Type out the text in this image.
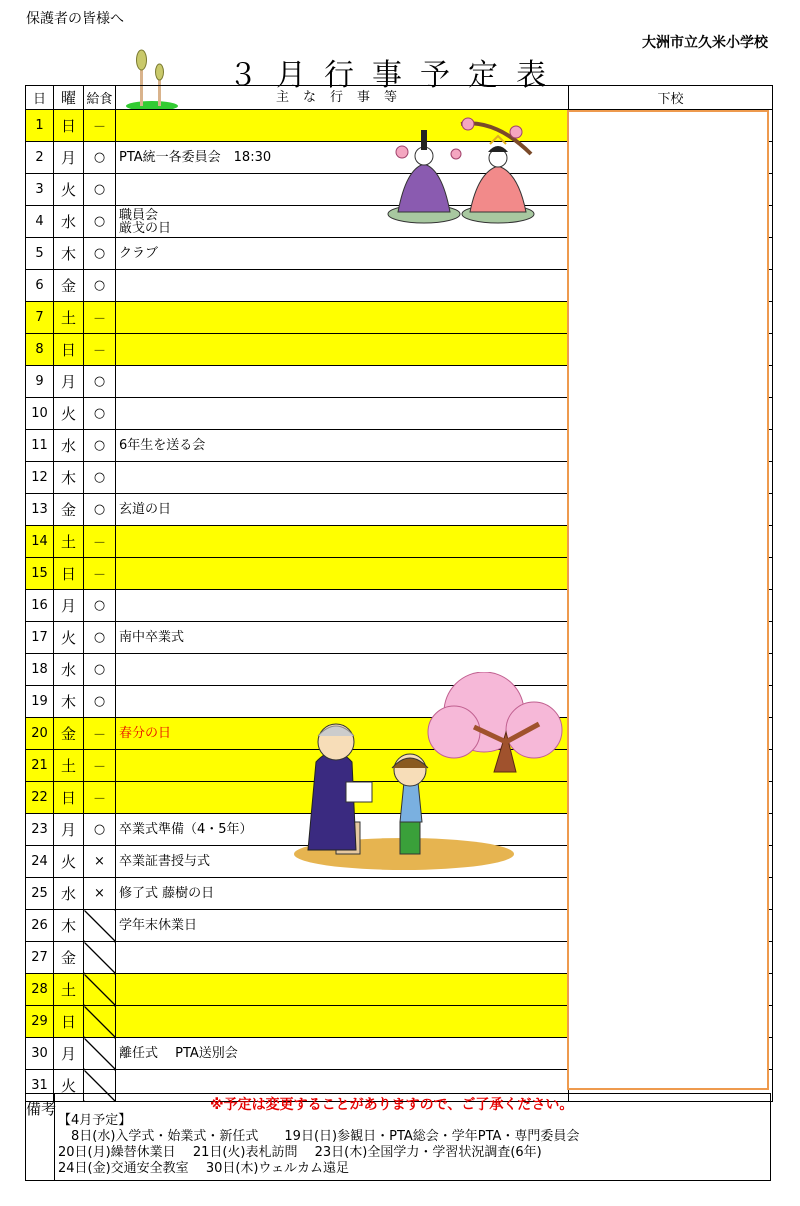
保護者の皆様へ
大洲市立久米小学校
３月行事予定表
日	曜	給食	主な行事等	下校
1	日	－		
2	月	○	PTA統一各委員会　18:30	
3	火	○		
4	水	○	職員会
厳戈の日	
5	木	○	クラブ	
6	金	○		
7	土	－		
8	日	－		
9	月	○		
10	火	○		
11	水	○	6年生を送る会	
12	木	○		
13	金	○	玄道の日	
14	土	－		
15	日	－		
16	月	○		
17	火	○	南中卒業式	
18	水	○		
19	木	○		
20	金	－	春分の日	
21	土	－		
22	日	－		
23	月	○	卒業式準備（4・5年）	
24	火	×	卒業証書授与式	
25	水	×	修了式 藤樹の日	
26	木		学年末休業日	
27	金			
28	土			
29	日			
30	月		離任式　 PTA送別会	
31	火			
備考	※予定は変更することがありますので、ご了承ください。
【4月予定】
　8日(水)入学式・始業式・新任式　　19日(日)参観日・PTA総会・学年PTA・専門委員会
20日(月)繰替休業日　 21日(火)表札訪問　 23日(木)全国学力・学習状況調査(6年)
24日(金)交通安全教室　 30日(木)ウェルカム遠足
